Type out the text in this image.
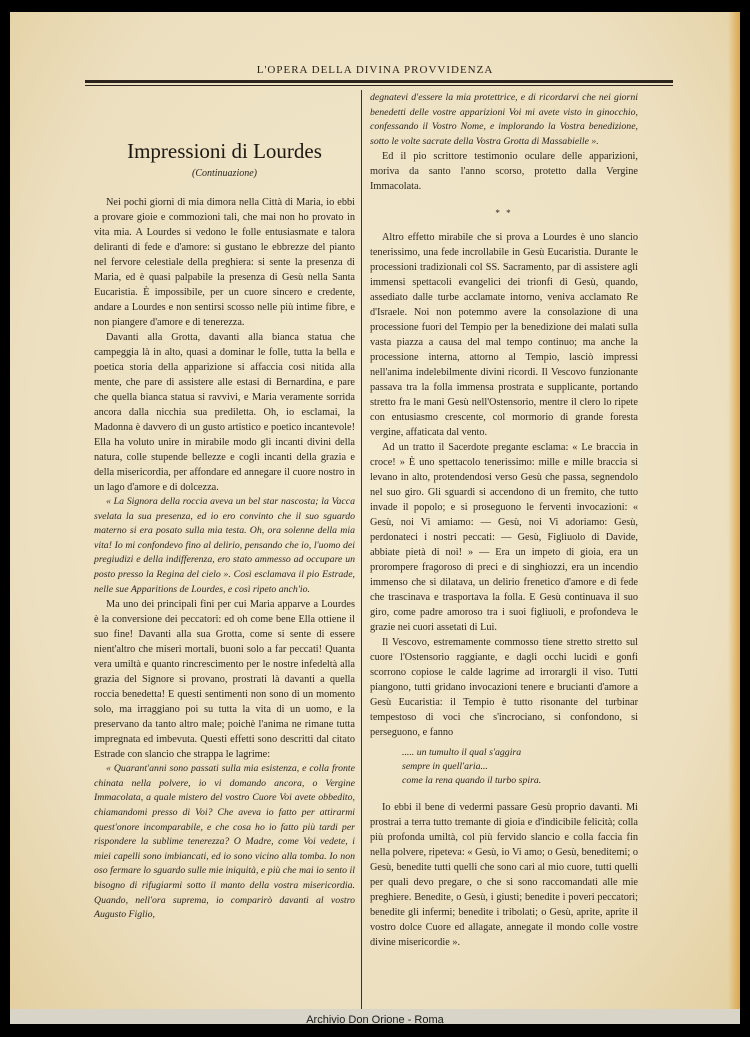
L'OPERA DELLA DIVINA PROVVIDENZA
Impressioni di Lourdes
(Continuazione)

Nei pochi giorni di mia dimora nella Città di Maria, io ebbi a provare gioie e commozioni tali, che mai non ho provato in vita mia. A Lourdes si vedono le folle entusiasmate e talora deliranti di fede e d'amore: si gustano le ebbrezze del pianto nel fervore celestiale della preghiera: si sente la presenza di Maria, ed è quasi palpabile la presenza di Gesù nella Santa Eucaristia. È impossibile, per un cuore sincero e credente, andare a Lourdes e non sentirsi scosso nelle più intime fibre, e non piangere d'amore e di tenerezza.

Davanti alla Grotta, davanti alla bianca statua che campeggia là in alto, quasi a dominar le folle, tutta la bella e poetica storia della apparizione si affaccia così nitida alla mente, che pare di assistere alle estasi di Bernardina, e pare che quella bianca statua si ravvivi, e Maria veramente sorrida ancora dalla nicchia sua prediletta. Oh, io esclamai, la Madonna è davvero di un gusto artistico e poetico incantevole! Ella ha voluto unire in mirabile modo gli incanti divini della natura, colle stupende bellezze e cogli incanti della grazia e della misericordia, per affondare ed annegare il cuore nostro in un lago d'amore e di dolcezza.

« La Signora della roccia aveva un bel star nascosta; la Vacca svelata la sua presenza, ed io ero convinto che il suo sguardo materno si era posato sulla mia testa. Oh, ora solenne della mia vita! Io mi confondevo fino al delirio, pensando che io, l'uomo dei pregiudizi e della indifferenza, ero stato ammesso ad occupare un posto presso la Regina del cielo ». Così esclamava il pio Estrade, nelle sue Apparitions de Lourdes, e così ripeto anch'io.

Ma uno dei principali fini per cui Maria apparve a Lourdes è la conversione dei peccatori: ed oh come bene Ella ottiene il suo fine! Davanti alla sua Grotta, come si sente di essere nient'altro che miseri mortali, buoni solo a far peccati! Quanta vera umiltà e quanto rincrescimento per le nostre infedeltà alla grazia del Signore si provano, prostrati là davanti a quella roccia benedetta! E questi sentimenti non sono di un momento solo, ma irraggiano poi su tutta la vita di un uomo, e la preservano da tanto altro male; poichè l'anima ne rimane tutta impregnata ed imbevuta. Questi effetti sono descritti dal citato Estrade con slancio che strappa le lagrime:

« Quarant'anni sono passati sulla mia esistenza, e colla fronte chinata nella polvere, io vi domando ancora, o Vergine Immacolata, a quale mistero del vostro Cuore Voi avete obbedito, chiamandomi presso di Voi? Che aveva io fatto per attirarmi quest'onore incomparabile, e che cosa ho io fatto più tardi per rispondere la sublime tenerezza? O Madre, come Voi vedete, i miei capelli sono imbiancati, ed io sono vicino alla tomba. Io non oso fermare lo sguardo sulle mie iniquità, e più che mai io sento il bisogno di rifugiarmi sotto il manto della vostra misericordia. Quando, nell'ora suprema, io comparirò davanti al vostro Augusto Figlio,

degnatevi d'essere la mia protettrice, e di ricordarvi che nei giorni benedetti delle vostre apparizioni Voi mi avete visto in ginocchio, confessando il Vostro Nome, e implorando la Vostra benedizione, sotto le volte sacrate della Vostra Grotta di Massabielle ».

Ed il pio scrittore testimonio oculare delle apparizioni, moriva da santo l'anno scorso, protetto dalla Vergine Immacolata.

* *

Altro effetto mirabile che si prova a Lourdes è uno slancio tenerissimo, una fede incrollabile in Gesù Eucaristia. Durante le processioni tradizionali col SS. Sacramento, par di assistere agli immensi spettacoli evangelici dei trionfi di Gesù, quando, assediato dalle turbe acclamate intorno, veniva acclamato Re d'Israele. Noi non potemmo avere la consolazione di una processione fuori del Tempio per la benedizione dei malati sulla vasta piazza a causa del mal tempo continuo; ma anche la processione interna, attorno al Tempio, lasciò impressi nell'anima indelebilmente divini ricordi. Il Vescovo funzionante passava tra la folla immensa prostrata e supplicante, portando stretto fra le mani Gesù nell'Ostensorio, mentre il clero lo ripete con entusiasmo crescente, col mormorio di grande foresta vergine, affaticata dal vento.

Ad un tratto il Sacerdote pregante esclama: « Le braccia in croce! » È uno spettacolo tenerissimo: mille e mille braccia si levano in alto, protendendosi verso Gesù che passa, segnendolo nel suo giro. Gli sguardi si accendono di un fremito, che tutto invade il popolo; e si proseguono le ferventi invocazioni: « Gesù, noi Vi amiamo: — Gesù, noi Vi adoriamo: Gesù, perdonateci i nostri peccati: — Gesù, Figliuolo di Davide, abbiate pietà di noi! » — Era un impeto di gioia, era un prorompere fragoroso di preci e di singhiozzi, era un incendio immenso che si dilatava, un delirio frenetico d'amore e di fede che trascinava e trasportava la folla. E Gesù continuava il suo giro, come padre amoroso tra i suoi figliuoli, e profondeva le grazie nei cuori assetati di Lui.

Il Vescovo, estremamente commosso tiene stretto stretto sul cuore l'Ostensorio raggiante, e dagli occhi lucidi e gonfi scorrono copiose le calde lagrime ad irrorargli il viso. Tutti piangono, tutti gridano invocazioni tenere e brucianti d'amore a Gesù Eucaristia: il Tempio è tutto risonante del turbinar tempestoso di voci che s'incrociano, si confondono, si perseguono, e fanno

..... un tumulto il qual s'aggira
sempre in quell'aria...
come la rena quando il turbo spira.

Io ebbi il bene di vedermi passare Gesù proprio davanti. Mi prostrai a terra tutto tremante di gioia e d'indicibile felicità; colla più profonda umiltà, col più fervido slancio e colla faccia fin nella polvere, ripeteva: « Gesù, io Vi amo; o Gesù, beneditemi; o Gesù, benedite tutti quelli che sono cari al mio cuore, tutti quelli per quali devo pregare, o che si sono raccomandati alle mie preghiere. Benedite, o Gesù, i giusti; benedite i poveri peccatori; benedite gli infermi; benedite i tribolati; o Gesù, aprite, aprite il vostro dolce Cuore ed allagate, annegate il mondo colle vostre divine misericordie ».

Archivio Don Orione - Roma
